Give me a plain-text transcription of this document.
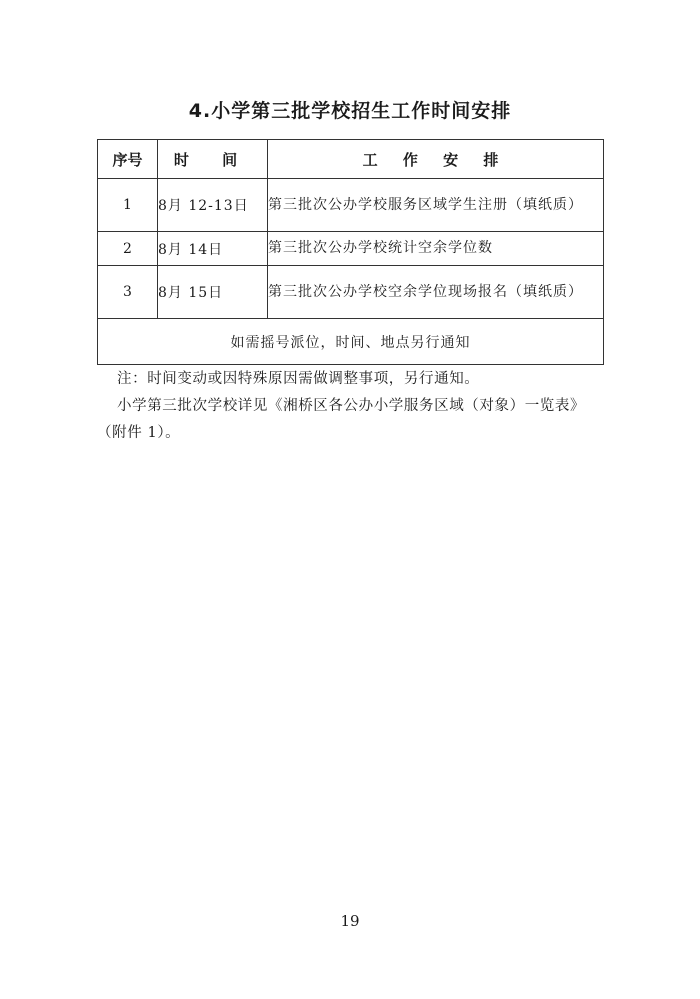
4.小学第三批学校招生工作时间安排
序号	时 间	工 作 安 排
1	8月 12-13日	第三批次公办学校服务区域学生注册（填纸质）
2	8月 14日	第三批次公办学校统计空余学位数
3	8月 15日	第三批次公办学校空余学位现场报名（填纸质）
如需摇号派位，时间、地点另行通知		
注：时间变动或因特殊原因需做调整事项，另行通知。
小学第三批次学校详见《湘桥区各公办小学服务区域（对象）一览表》
（附件 1）。
19
